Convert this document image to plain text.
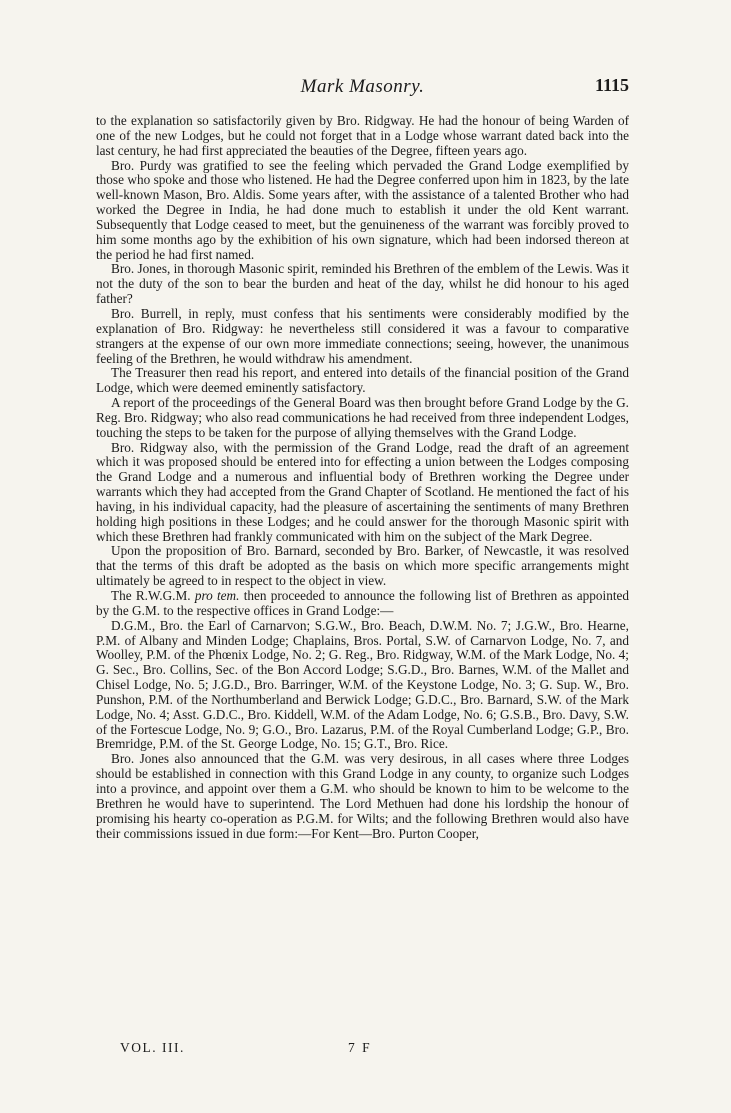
Mark Masonry.	1115

to the explanation so satisfactorily given by Bro. Ridgway. He had the honour of being Warden of one of the new Lodges, but he could not forget that in a Lodge whose warrant dated back into the last century, he had first appreciated the beauties of the Degree, fifteen years ago.

Bro. Purdy was gratified to see the feeling which pervaded the Grand Lodge exemplified by those who spoke and those who listened. He had the Degree conferred upon him in 1823, by the late well-known Mason, Bro. Aldis. Some years after, with the assistance of a talented Brother who had worked the Degree in India, he had done much to establish it under the old Kent warrant. Subsequently that Lodge ceased to meet, but the genuineness of the warrant was forcibly proved to him some months ago by the exhibition of his own signature, which had been indorsed thereon at the period he had first named.

Bro. Jones, in thorough Masonic spirit, reminded his Brethren of the emblem of the Lewis. Was it not the duty of the son to bear the burden and heat of the day, whilst he did honour to his aged father?

Bro. Burrell, in reply, must confess that his sentiments were considerably modified by the explanation of Bro. Ridgway: he nevertheless still considered it was a favour to comparative strangers at the expense of our own more immediate connections; seeing, however, the unanimous feeling of the Brethren, he would withdraw his amendment.

The Treasurer then read his report, and entered into details of the financial position of the Grand Lodge, which were deemed eminently satisfactory.

A report of the proceedings of the General Board was then brought before Grand Lodge by the G. Reg. Bro. Ridgway; who also read communications he had received from three independent Lodges, touching the steps to be taken for the purpose of allying themselves with the Grand Lodge.

Bro. Ridgway also, with the permission of the Grand Lodge, read the draft of an agreement which it was proposed should be entered into for effecting a union between the Lodges composing the Grand Lodge and a numerous and influential body of Brethren working the Degree under warrants which they had accepted from the Grand Chapter of Scotland. He mentioned the fact of his having, in his individual capacity, had the pleasure of ascertaining the sentiments of many Brethren holding high positions in these Lodges; and he could answer for the thorough Masonic spirit with which these Brethren had frankly communicated with him on the subject of the Mark Degree.

Upon the proposition of Bro. Barnard, seconded by Bro. Barker, of Newcastle, it was resolved that the terms of this draft be adopted as the basis on which more specific arrangements might ultimately be agreed to in respect to the object in view.

The R.W.G.M. pro tem. then proceeded to announce the following list of Brethren as appointed by the G.M. to the respective offices in Grand Lodge:—

D.G.M., Bro. the Earl of Carnarvon; S.G.W., Bro. Beach, D.W.M. No. 7; J.G.W., Bro. Hearne, P.M. of Albany and Minden Lodge; Chaplains, Bros. Portal, S.W. of Carnarvon Lodge, No. 7, and Woolley, P.M. of the Phœnix Lodge, No. 2; G. Reg., Bro. Ridgway, W.M. of the Mark Lodge, No. 4; G. Sec., Bro. Collins, Sec. of the Bon Accord Lodge; S.G.D., Bro. Barnes, W.M. of the Mallet and Chisel Lodge, No. 5; J.G.D., Bro. Barringer, W.M. of the Keystone Lodge, No. 3; G. Sup. W., Bro. Punshon, P.M. of the Northumberland and Berwick Lodge; G.D.C., Bro. Barnard, S.W. of the Mark Lodge, No. 4; Asst. G.D.C., Bro. Kiddell, W.M. of the Adam Lodge, No. 6; G.S.B., Bro. Davy, S.W. of the Fortescue Lodge, No. 9; G.O., Bro. Lazarus, P.M. of the Royal Cumberland Lodge; G.P., Bro. Bremridge, P.M. of the St. George Lodge, No. 15; G.T., Bro. Rice.

Bro. Jones also announced that the G.M. was very desirous, in all cases where three Lodges should be established in connection with this Grand Lodge in any county, to organize such Lodges into a province, and appoint over them a G.M. who should be known to him to be welcome to the Brethren he would have to superintend. The Lord Methuen had done his lordship the honour of promising his hearty co-operation as P.G.M. for Wilts; and the following Brethren would also have their commissions issued in due form:—For Kent—Bro. Purton Cooper,

VOL. III.	7 F
